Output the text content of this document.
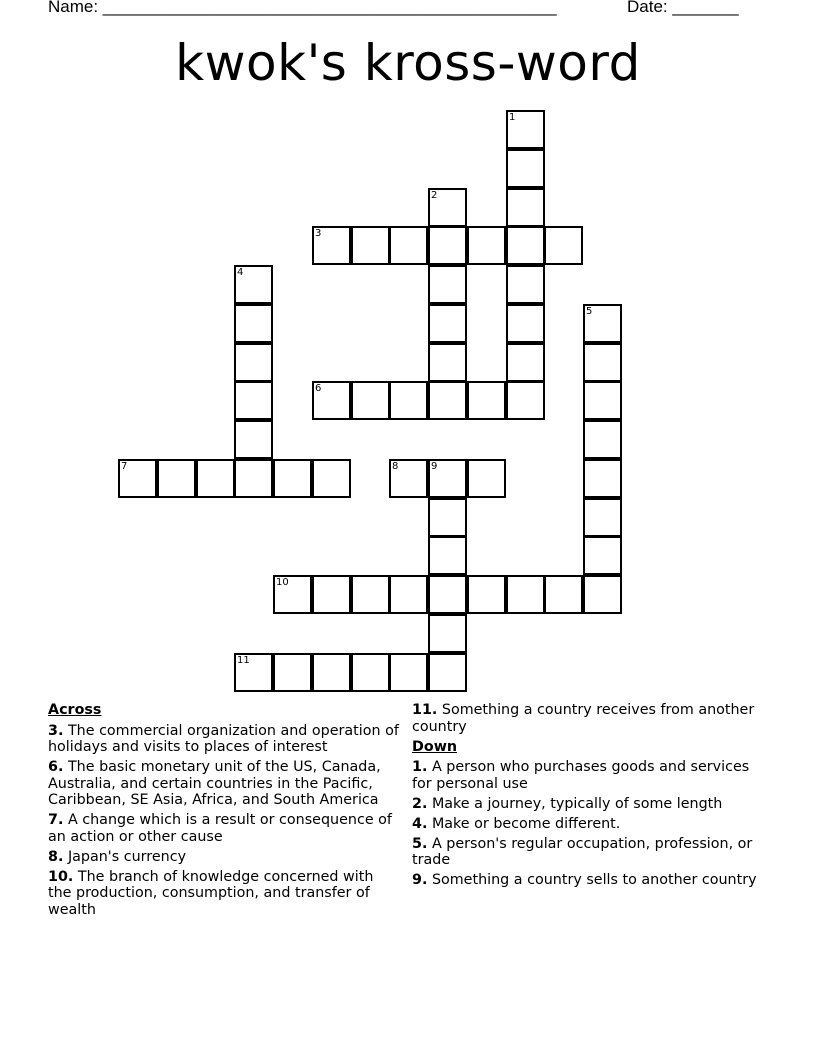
Name: ________________________________________________	Date: _______
kwok's kross-word
1
2
3
4
5
6
7	8	9
10
11
Across
3. The commercial organization and operation of holidays and visits to places of interest
6. The basic monetary unit of the US, Canada, Australia, and certain countries in the Pacific, Caribbean, SE Asia, Africa, and South America
7. A change which is a result or consequence of an action or other cause
8. Japan's currency
10. The branch of knowledge concerned with the production, consumption, and transfer of wealth
11. Something a country receives from another country
Down
1. A person who purchases goods and services for personal use
2. Make a journey, typically of some length
4. Make or become different.
5. A person's regular occupation, profession, or trade
9. Something a country sells to another country
